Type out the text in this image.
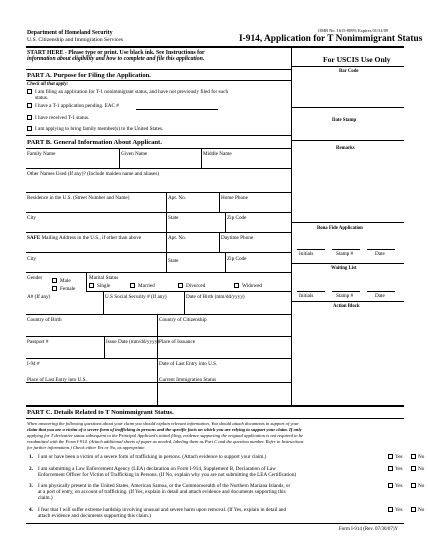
Department of Homeland Security
U.S. Citizenship and Immigration Services
OMB No. 1615-0099; Expires 01/31/09
I-914, Application for T Nonimmigrant Status
START HERE - Please type or print. Use black ink. See Instructions for
information about eligibility and how to complete and file this application.	For USCIS Use Only
Bar Code
Date Stamp
Remarks
Bona Fide Application
Initials	Stamp #	Date
Waiting List
Initials	Stamp #	Date
Action Block
PART A. Purpose for Filing the Application.
Check all that apply:
I am filing an application for T-1 nonimmigrant status, and have not previously filed for such
status.
I have a T-1 application pending. EAC #
I have received T-1 status.
I am applying to bring family member(s) to the United States.
PART B. General Information About Applicant.
Family Name	Given Name	Middle Name
Other Names Used (If any)? (Include maiden name and aliases)
Residence in the U.S. (Street Number and Name)	Apt. No.	Home Phone
City	State	Zip Code
SAFE Mailing Address in the U.S., if other than above	Apt. No.	Daytime Phone
City	State	Zip Code
Gender	Male
Female
Marital Status
Single	Married	Divorced	Widowed
A# (If any)	U.S Social Security # (If any)	Date of Birth (mm/dd/yyyy)
Country of Birth	Country of Citizenship
Passport #	Issue Date (mm/dd/yyyy) Place of Issuance
I-94 #	Date of Last Entry into U.S.
Place of Last Entry into U.S.	Current Immigration Status
PART C. Details Related to T Nonimmigrant Status.
When answering the following questions about your claim you should explain relevant information. You should attach documents in support of your
claim that you are a victim of a severe form of trafficking in persons and the specific facts on which you are relying to support your claim. If only
applying for T derivative status subsequent to the Principal Applicant's initial filing, evidence supporting the original application is not required to be
resubmitted with the Form I-914. (Attach additional sheets of paper as needed, labeling them as Part C and the question number. Refer to Instructions
for further information.) Check either Yes or No, as appropriate.
1. I am or have been a victim of a severe form of trafficking in persons. (Attach evidence to support your claim.)	Yes	No
2. I am submitting a Law Enforcement Agency (LEA) declaration on Form I-914, Supplement B, Declaration of Law
Enforcement Officer for Victim of Trafficking in Persons. (If No, explain why you are not submitting the LEA Certification)
Yes	No
3. I am physically present in the United States, American Samoa, or the Commonwealth of the Northern Mariana Islands, or
at a port of entry, on account of trafficking. (If Yes, explain in detail and attach evidence and documents supporting this
claim.)
Yes	No
4. I fear that I will suffer extreme hardship involving unusual and severe harm upon removal. (If Yes, explain in detail and
attach evidence and documents supporting this claim.)
Yes	No
Form I-914 (Rev. 07/30/07)Y
